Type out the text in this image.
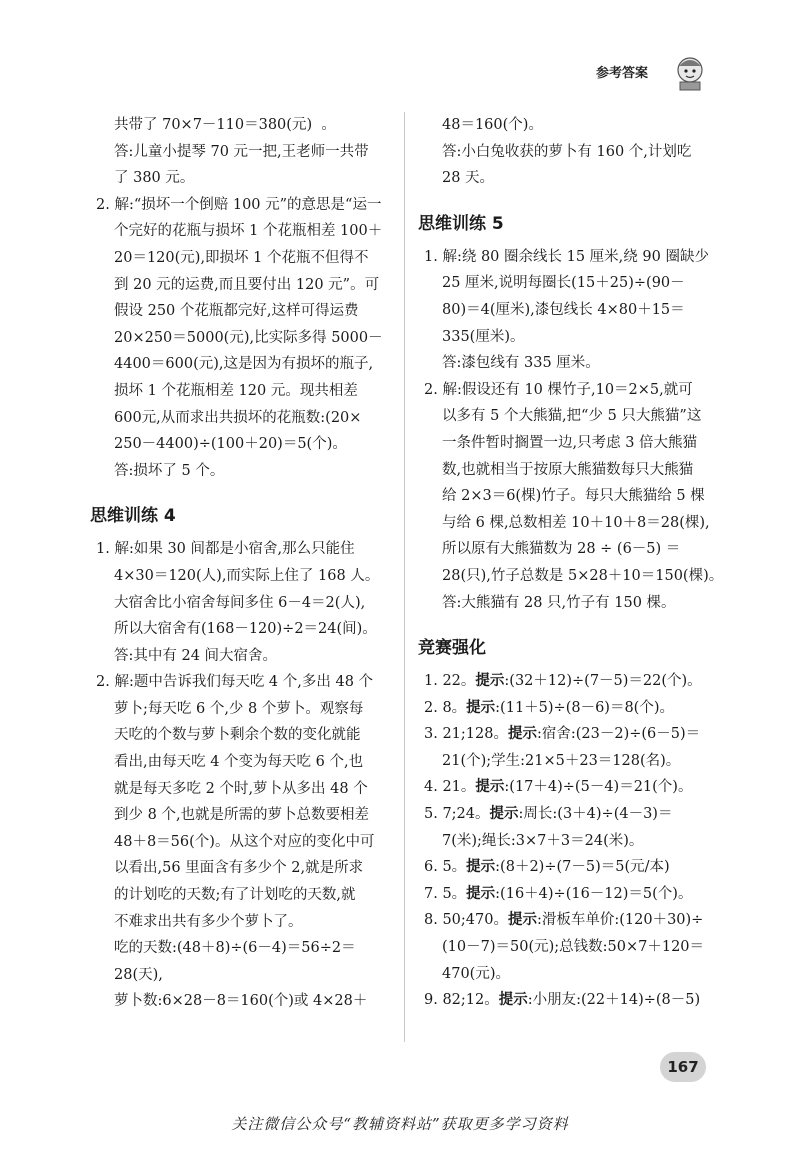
参考答案

共带了 70×7－110＝380(元)  。

答:儿童小提琴 70 元一把,王老师一共带

了 380 元。

2. 解:“损坏一个倒赔 100 元”的意思是“运一

个完好的花瓶与损坏 1 个花瓶相差 100＋

20＝120(元),即损坏 1 个花瓶不但得不

到 20 元的运费,而且要付出 120 元”。可

假设 250 个花瓶都完好,这样可得运费

20×250＝5000(元),比实际多得 5000－

4400＝600(元),这是因为有损坏的瓶子,

损坏 1 个花瓶相差 120 元。现共相差

600元,从而求出共损坏的花瓶数:(20×

250－4400)÷(100＋20)＝5(个)。

答:损坏了 5 个。

思维训练 4

1. 解:如果 30 间都是小宿舍,那么只能住

4×30＝120(人),而实际上住了 168 人。

大宿舍比小宿舍每间多住 6－4＝2(人),

所以大宿舍有(168－120)÷2＝24(间)。

答:其中有 24 间大宿舍。

2. 解:题中告诉我们每天吃 4 个,多出 48 个

萝卜;每天吃 6 个,少 8 个萝卜。观察每

天吃的个数与萝卜剩余个数的变化就能

看出,由每天吃 4 个变为每天吃 6 个,也

就是每天多吃 2 个时,萝卜从多出 48 个

到少 8 个,也就是所需的萝卜总数要相差

48＋8＝56(个)。从这个对应的变化中可

以看出,56 里面含有多少个 2,就是所求

的计划吃的天数;有了计划吃的天数,就

不难求出共有多少个萝卜了。

吃的天数:(48＋8)÷(6－4)＝56÷2＝

28(天),

萝卜数:6×28－8＝160(个)或 4×28＋

48＝160(个)。

答:小白兔收获的萝卜有 160 个,计划吃

28 天。

思维训练 5

1. 解:绕 80 圈余线长 15 厘米,绕 90 圈缺少

25 厘米,说明每圈长(15＋25)÷(90－

80)＝4(厘米),漆包线长 4×80＋15＝

335(厘米)。

答:漆包线有 335 厘米。

2. 解:假设还有 10 棵竹子,10＝2×5,就可

以多有 5 个大熊猫,把“少 5 只大熊猫”这

一条件暂时搁置一边,只考虑 3 倍大熊猫

数,也就相当于按原大熊猫数每只大熊猫

给 2×3＝6(棵)竹子。每只大熊猫给 5 棵

与给 6 棵,总数相差 10＋10＋8＝28(棵),

所以原有大熊猫数为 28 ÷ (6－5) ＝

28(只),竹子总数是 5×28＋10＝150(棵)。

答:大熊猫有 28 只,竹子有 150 棵。

竞赛强化

1. 22。提示:(32＋12)÷(7－5)＝22(个)。

2. 8。提示:(11＋5)÷(8－6)＝8(个)。

3. 21;128。提示:宿舍:(23－2)÷(6－5)＝

21(个);学生:21×5＋23＝128(名)。

4. 21。提示:(17＋4)÷(5－4)＝21(个)。

5. 7;24。提示:周长:(3＋4)÷(4－3)＝

7(米);绳长:3×7＋3＝24(米)。

6. 5。提示:(8＋2)÷(7－5)＝5(元/本)

7. 5。提示:(16＋4)÷(16－12)＝5(个)。

8. 50;470。提示:滑板车单价:(120＋30)÷

(10－7)＝50(元);总钱数:50×7＋120＝

470(元)。

9. 82;12。提示:小朋友:(22＋14)÷(8－5)

167
关注微信公众号“教辅资料站”获取更多学习资料
